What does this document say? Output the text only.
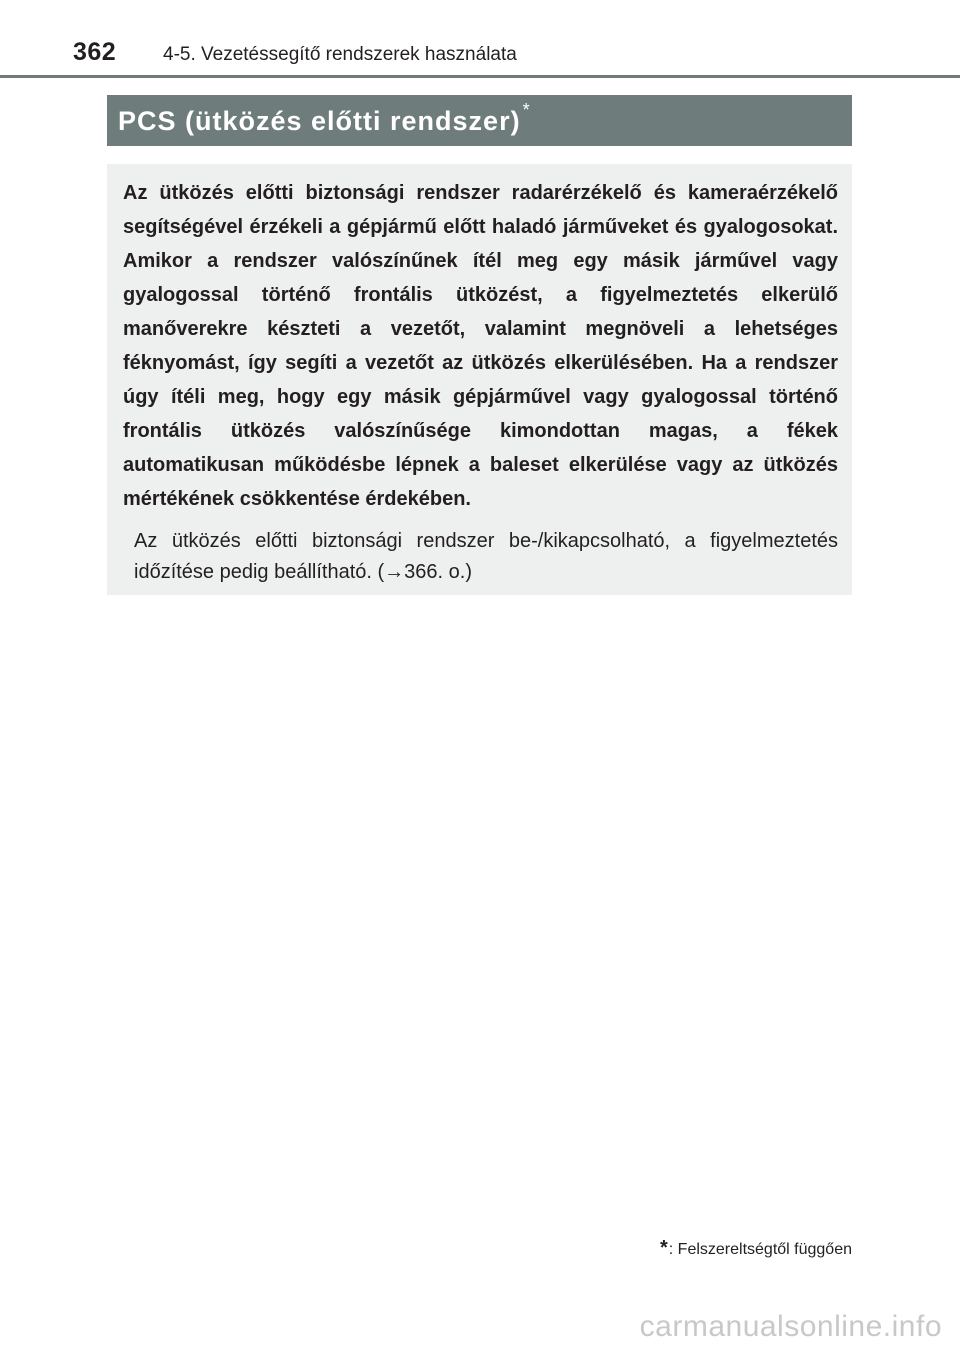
362 4-5. Vezetéssegítő rendszerek használata
PCS (ütközés előtti rendszer) *

Az ütközés előtti biztonsági rendszer radarérzékelő és kameraérzékelő segítségével érzékeli a gépjármű előtt haladó járműveket és gyalogosokat. Amikor a rendszer valószínűnek ítél meg egy másik járművel vagy gyalogossal történő frontális ütközést, a figyelmeztetés elkerülő manőverekre készteti a vezetőt, valamint megnöveli a lehetséges féknyomást, így segíti a vezetőt az ütközés elkerülésében. Ha a rendszer úgy ítéli meg, hogy egy másik gépjárművel vagy gyalogossal történő frontális ütközés valószínűsége kimondottan magas, a fékek automatikusan működésbe lépnek a baleset elkerülése vagy az ütközés mértékének csökkentése érdekében.

Az ütközés előtti biztonsági rendszer be-/kikapcsolható, a figyelmeztetés időzítése pedig beállítható. (→366. o.)

*: Felszereltségtől függően
carmanualsonline.info
